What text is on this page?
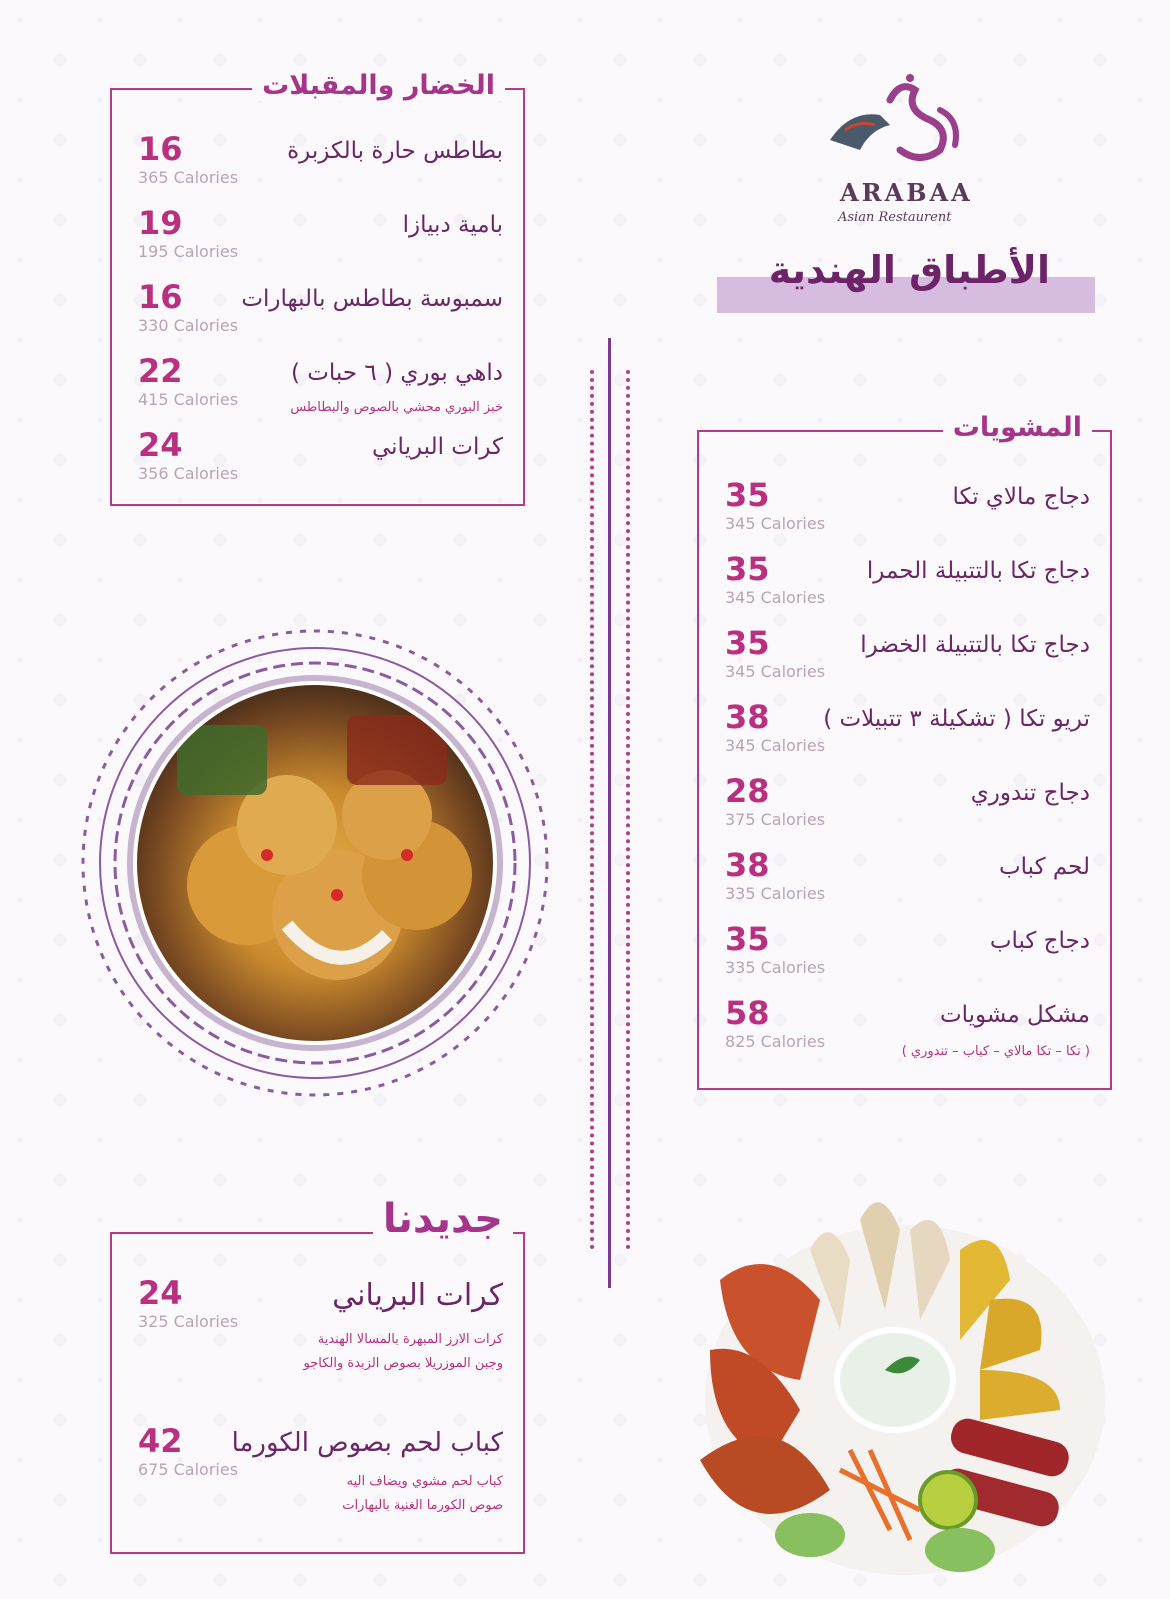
ARABAA
Asian Restaurent
الأطباق الهندية
الخضار والمقبلات
بطاطس حارة بالكزبرة
16
365 Calories
بامية دبيازا
19
195 Calories
سمبوسة بطاطس بالبهارات
16
330 Calories
داهي بوري ( ٦ حبات )
22
415 Calories	خبز البوري محشي بالصوص والبطاطس
كرات البرياني
24
356 Calories
المشويات
دجاج مالاي تكا
35
345 Calories
دجاج تكا بالتتبيلة الحمرا
35
345 Calories
دجاج تكا بالتتبيلة الخضرا
35
345 Calories
تريو تكا ( تشكيلة ٣ تتبيلات )
38
345 Calories
دجاج تندوري
28
375 Calories
لحم كباب
38
335 Calories
دجاج كباب
35
335 Calories
مشكل مشويات
58
825 Calories
( تكا – تكا مالاي – كباب – تندوري )
جديدنا
كرات البرياني
24
325 Calories
كرات الارز المبهرة بالمسالا الهندية
وجبن الموزريلا بصوص الزبدة والكاجو
كباب لحم بصوص الكورما
42
675 Calories
كباب لحم مشوي ويضاف اليه
صوص الكورما الغنية بالبهارات
